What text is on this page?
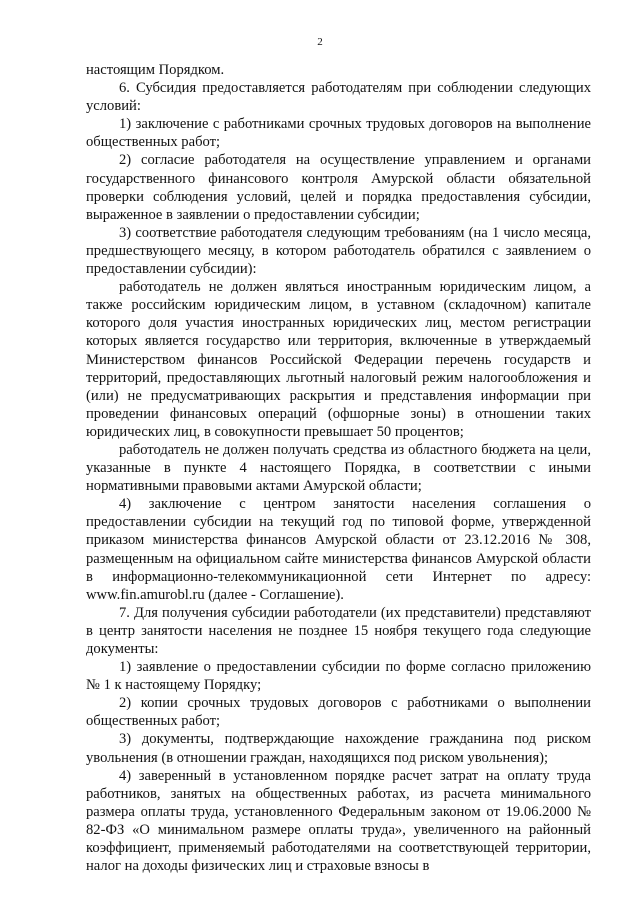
2

настоящим Порядком.

6. Субсидия предоставляется работодателям при соблюдении следующих условий:

1) заключение с работниками срочных трудовых договоров на выполнение общественных работ;

2) согласие работодателя на осуществление управлением и органами государственного финансового контроля Амурской области обязательной проверки соблюдения условий, целей и порядка предоставления субсидии, выраженное в заявлении о предоставлении субсидии;

3) соответствие работодателя следующим требованиям (на 1 число месяца, предшествующего месяцу, в котором работодатель обратился с заявлением о предоставлении субсидии):

работодатель не должен являться иностранным юридическим лицом, а также российским юридическим лицом, в уставном (складочном) капитале которого доля участия иностранных юридических лиц, местом регистрации которых является государство или территория, включенные в утверждаемый Министерством финансов Российской Федерации перечень государств и территорий, предоставляющих льготный налоговый режим налогообложения и (или) не предусматривающих раскрытия и представления информации при проведении финансовых операций (офшорные зоны) в отношении таких юридических лиц, в совокупности превышает 50 процентов;

работодатель не должен получать средства из областного бюджета на цели, указанные в пункте 4 настоящего Порядка, в соответствии с иными нормативными правовыми актами Амурской области;

4) заключение с центром занятости населения соглашения о предоставлении субсидии на текущий год по типовой форме, утвержденной приказом министерства финансов Амурской области от 23.12.2016 № 308, размещенным на официальном сайте министерства финансов Амурской области в информационно-телекоммуникационной сети Интернет по адресу: www.fin.amurobl.ru (далее - Соглашение).

7. Для получения субсидии работодатели (их представители) представляют в центр занятости населения не позднее 15 ноября текущего года следующие документы:

1) заявление о предоставлении субсидии по форме согласно приложению № 1 к настоящему Порядку;

2) копии срочных трудовых договоров с работниками о выполнении общественных работ;

3) документы, подтверждающие нахождение гражданина под риском увольнения (в отношении граждан, находящихся под риском увольнения);

4) заверенный в установленном порядке расчет затрат на оплату труда работников, занятых на общественных работах, из расчета минимального размера оплаты труда, установленного Федеральным законом от 19.06.2000 № 82-ФЗ «О минимальном размере оплаты труда», увеличенного на районный коэффициент, применяемый работодателями на соответствующей территории, налог на доходы физических лиц и страховые взносы в
